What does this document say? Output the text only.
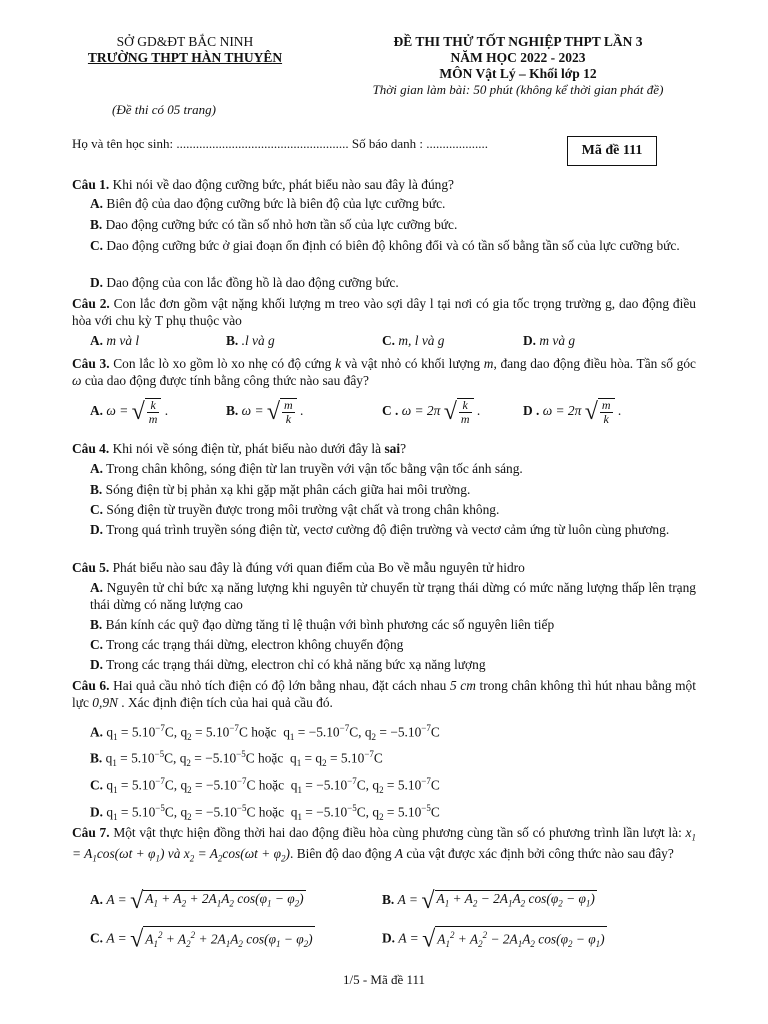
SỞ GD&ĐT BẮC NINH
TRƯỜNG THPT HÀN THUYÊN
ĐỀ THI THỬ TỐT NGHIỆP THPT LẦN 3
NĂM HỌC 2022 - 2023
MÔN Vật Lý – Khối lớp 12
Thời gian làm bài: 50 phút (không kể thời gian phát đề)
(Đề thi có 05 trang)
Họ và tên học sinh: ..................................................... Số báo danh : ...................	Mã đề 111
Câu 1. Khi nói về dao động cưỡng bức, phát biểu nào sau đây là đúng?
A. Biên độ của dao động cưỡng bức là biên độ của lực cưỡng bức.
B. Dao động cưỡng bức có tần số nhỏ hơn tần số của lực cưỡng bức.
C. Dao động cưỡng bức ở giai đoạn ổn định có biên độ không đổi và có tần số bằng tần số của lực cưỡng bức.
D. Dao động của con lắc đồng hồ là dao động cưỡng bức.
Câu 2. Con lắc đơn gồm vật nặng khối lượng m treo vào sợi dây l tại nơi có gia tốc trọng trường g, dao động điều hòa với chu kỳ T phụ thuộc vào
A. m và l	B. .l và g	C. m, l và g	D. m và g
Câu 3. Con lắc lò xo gồm lò xo nhẹ có độ cứng k và vật nhỏ có khối lượng m, đang dao động điều hòa. Tần số góc ω của dao động được tính bằng công thức nào sau đây?
A. ω = √ $\frac{k}{m}$ .	B. ω = √ $\frac{m}{k}$ .	C . ω = 2π √ $\frac{k}{m}$ .	D . ω = 2π √ $\frac{m}{k}$ .
Câu 4. Khi nói về sóng điện từ, phát biểu nào dưới đây là sai?
A. Trong chân không, sóng điện từ lan truyền với vận tốc bằng vận tốc ánh sáng.
B. Sóng điện từ bị phản xạ khi gặp mặt phân cách giữa hai môi trường.
C. Sóng điện từ truyền được trong môi trường vật chất và trong chân không.
D. Trong quá trình truyền sóng điện từ, vectơ cường độ điện trường và vectơ cảm ứng từ luôn cùng phương.
Câu 5. Phát biểu nào sau đây là đúng với quan điểm của Bo về mẫu nguyên tử hidro
A. Nguyên tử chỉ bức xạ năng lượng khi nguyên tử chuyển từ trạng thái dừng có mức năng lượng thấp lên trạng thái dừng có năng lượng cao
B. Bán kính các quỹ đạo dừng tăng tỉ lệ thuận với bình phương các số nguyên liên tiếp
C. Trong các trạng thái dừng, electron không chuyển động
D. Trong các trạng thái dừng, electron chỉ có khả năng bức xạ năng lượng
Câu 6. Hai quả cầu nhỏ tích điện có độ lớn bằng nhau, đặt cách nhau 5 cm trong chân không thì hút nhau bằng một lực 0,9N . Xác định điện tích của hai quả cầu đó.
A. $q_1 = 5.10^{-7}C$, $q_2 = 5.10^{-7}C$ hoặc  $q_1 = -5.10^{-7}C$, $q_2 = -5.10^{-7}C$
B. $q_1 = 5.10^{-5}C$, $q_2 = -5.10^{-5}C$ hoặc  $q_1 = q_2 = 5.10^{-7}C$
C. $q_1 = 5.10^{-7}C$, $q_2 = -5.10^{-7}C$ hoặc  $q_1 = -5.10^{-7}C$, $q_2 = 5.10^{-7}C$
D. $q_1 = 5.10^{-5}C$, $q_2 = -5.10^{-5}C$ hoặc  $q_1 = -5.10^{-5}C$, $q_2 = 5.10^{-5}C$
Câu 7. Một vật thực hiện đồng thời hai dao động điều hòa cùng phương cùng tần số có phương trình lần lượt là: $x_1 = A_1\cos(\omega t + \varphi_1)$ và $x_2 = A_2\cos(\omega t + \varphi_2)$. Biên độ dao động A của vật được xác định bởi công thức nào sau đây?
A. A = √ $A_1 + A_2 + 2A_1A_2$ $\cos(\varphi_1 - \varphi_2)$	B. A = √ $A_1 + A_2 - 2A_1A_2$ $\cos(\varphi_2 - \varphi_1)$
C. A = √ $A_1^2 + A_2^2 + 2A_1A_2$ $\cos(\varphi_1 - \varphi_2)$	D. A = √ $A_1^2 + A_2^2 - 2A_1A_2$ $\cos(\varphi_2 - \varphi_1)$
1/5 - Mã đề 111
